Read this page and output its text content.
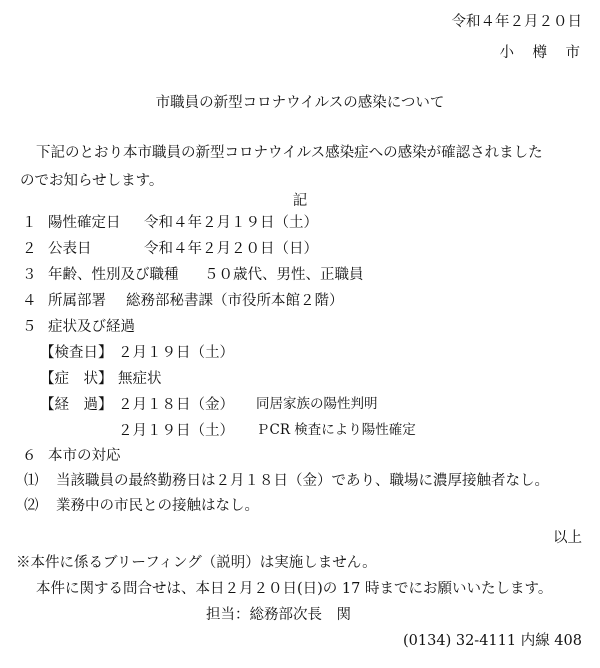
令和４年２月２０日
小　樽　市
市職員の新型コロナウイルスの感染について
下記のとおり本市職員の新型コロナウイルス感染症への感染が確認されました
のでお知らせします。
記
１ 陽性確定日 令和４年２月１９日（土）
２ 公表日	令和４年２月２０日（日）
３ 年齢、性別及び職種 ５０歳代、男性、正職員
４ 所属部署 総務部秘書課（市役所本館２階）
５ 症状及び経過
【検査日】 ２月１９日（土）
【症　状】 無症状
【経　過】 ２月１８日（金） 同居家族の陽性判明
２月１９日（土） ＰCR 検査により陽性確定
６ 本市の対応
⑴ 当該職員の最終勤務日は２月１８日（金）であり、職場に濃厚接触者なし。
⑵ 業務中の市民との接触はなし。
以上
※本件に係るブリーフィング（説明）は実施しません。
本件に関する問合せは、本日２月２０日(日)の 17 時までにお願いいたします。
担当：総務部次長　関
(0134) 32-4111 内線 408
